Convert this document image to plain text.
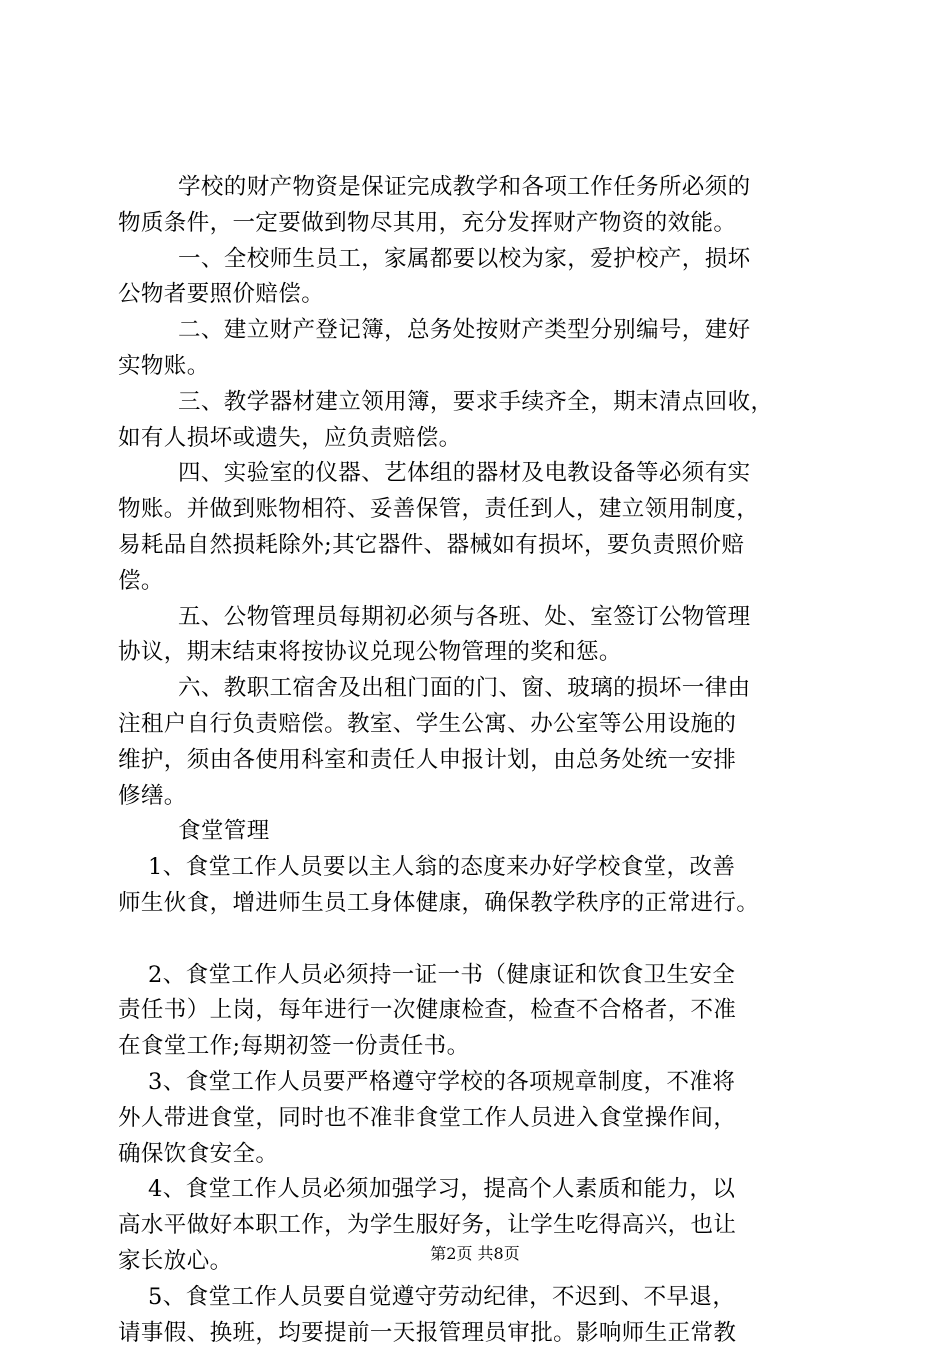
学校的财产物资是保证完成教学和各项工作任务所必须的
物质条件，一定要做到物尽其用，充分发挥财产物资的效能。
一、全校师生员工，家属都要以校为家，爱护校产，损坏
公物者要照价赔偿。
二、建立财产登记簿，总务处按财产类型分别编号，建好
实物账。
三、教学器材建立领用簿，要求手续齐全，期末清点回收，
如有人损坏或遗失，应负责赔偿。
四、实验室的仪器、艺体组的器材及电教设备等必须有实
物账。并做到账物相符、妥善保管，责任到人，建立领用制度，
易耗品自然损耗除外;其它器件、器械如有损坏，要负责照价赔
偿。
五、公物管理员每期初必须与各班、处、室签订公物管理
协议，期末结束将按协议兑现公物管理的奖和惩。
六、教职工宿舍及出租门面的门、窗、玻璃的损坏一律由
注租户自行负责赔偿。教室、学生公寓、办公室等公用设施的
维护，须由各使用科室和责任人申报计划，由总务处统一安排
修缮。
食堂管理
1、食堂工作人员要以主人翁的态度来办好学校食堂，改善
师生伙食，增进师生员工身体健康，确保教学秩序的正常进行。
2、食堂工作人员必须持一证一书（健康证和饮食卫生安全
责任书）上岗，每年进行一次健康检查，检查不合格者，不准
在食堂工作;每期初签一份责任书。
3、食堂工作人员要严格遵守学校的各项规章制度，不准将
外人带进食堂，同时也不准非食堂工作人员进入食堂操作间，
确保饮食安全。
4、食堂工作人员必须加强学习，提高个人素质和能力，以
高水平做好本职工作，为学生服好务，让学生吃得高兴，也让
家长放心。
5、食堂工作人员要自觉遵守劳动纪律，不迟到、不早退，
请事假、换班，均要提前一天报管理员审批。影响师生正常教
第2页 共8页
